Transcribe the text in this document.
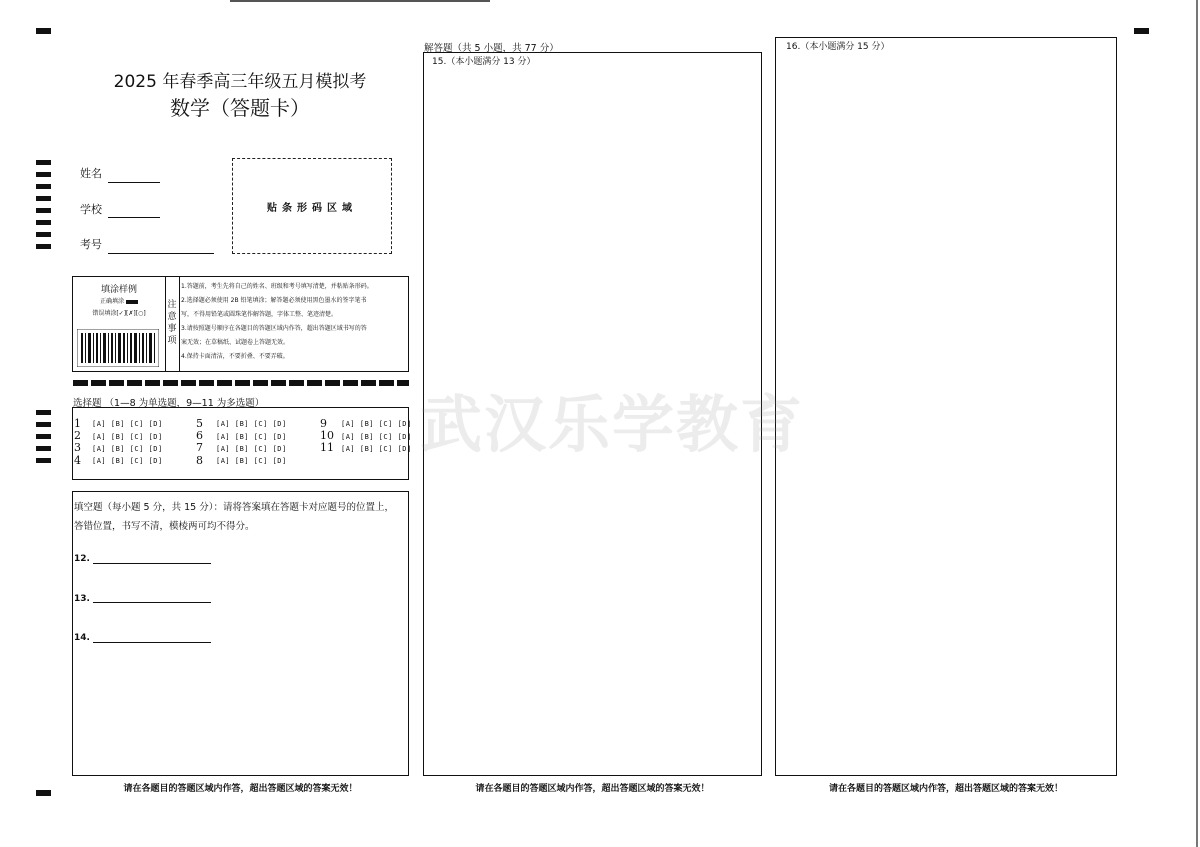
2025 年春季高三年级五月模拟考
数学（答题卡）
姓名
学校
考号
贴条形码区域
填涂样例
正确填涂
错误填涂[✓][✗][○]
注意事项
1.答题前，考生先将自己的姓名、班级和考号填写清楚，并粘贴条形码。
2.选择题必须使用 2B 铅笔填涂；解答题必须使用黑色墨水的签字笔书
写，不得用铅笔或圆珠笔作解答题，字体工整、笔迹清楚。
3.请按照题号顺序在各题目的答题区域内作答，超出答题区域书写的答
案无效；在草稿纸、试题卷上答题无效。
4.保持卡面清洁，不要折叠、不要弄破。
选择题 （1—8 为单选题，9—11 为多选题）
1 [A] [B] [C] [D]
2 [A] [B] [C] [D]
3 [A] [B] [C] [D]
4 [A] [B] [C] [D]
5 [A] [B] [C] [D]
6 [A] [B] [C] [D]
7 [A] [B] [C] [D]
8 [A] [B] [C] [D]
9 [A] [B] [C] [D]
10 [A] [B] [C] [D]
11 [A] [B] [C] [D]
填空题（每小题 5 分，共 15 分）：请将答案填在答题卡对应题号的位置上，
答错位置，书写不清，模棱两可均不得分。
12.
13.
14.
解答题（共 5 小题，共 77 分）
15.（本小题满分 13 分）
16.（本小题满分 15 分）
武汉乐学教育
请在各题目的答题区域内作答，超出答题区域的答案无效！	请在各题目的答题区域内作答，超出答题区域的答案无效！	请在各题目的答题区域内作答，超出答题区域的答案无效！
